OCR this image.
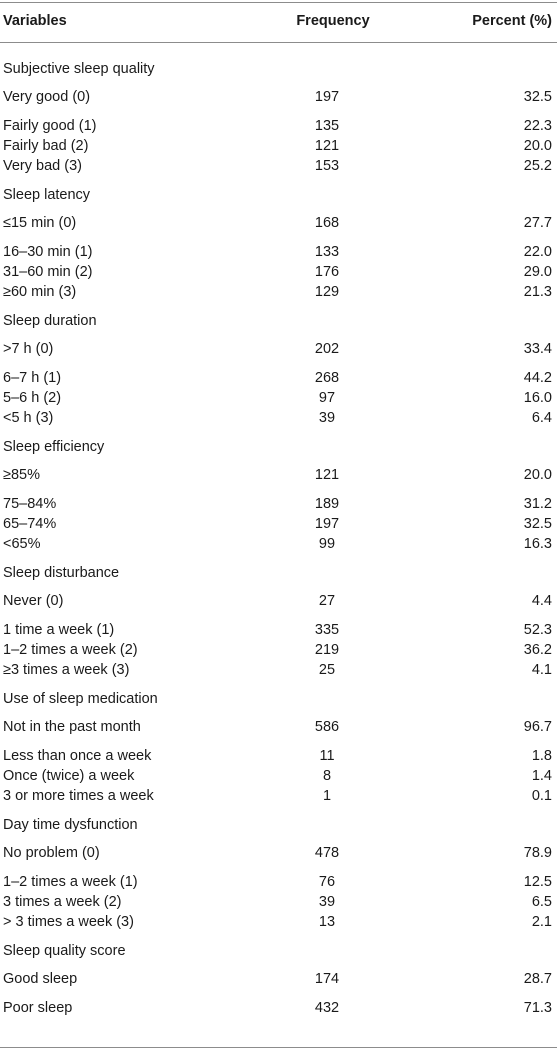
Variables	Frequency	Percent (%)
Subjective sleep quality
Very good (0)	197	32.5
Fairly good (1)	135	22.3
Fairly bad (2)	121	20.0
Very bad (3)	153	25.2
Sleep latency
≤15 min (0)	168	27.7
16–30 min (1)	133	22.0
31–60 min (2)	176	29.0
≥60 min (3)	129	21.3
Sleep duration
>7 h (0)	202	33.4
6–7 h (1)	268	44.2
5–6 h (2)	97	16.0
<5 h (3)	39	6.4
Sleep efficiency
≥85%	121	20.0
75–84%	189	31.2
65–74%	197	32.5
<65%	99	16.3
Sleep disturbance
Never (0)	27	4.4
1 time a week (1)	335	52.3
1–2 times a week (2)	219	36.2
≥3 times a week (3)	25	4.1
Use of sleep medication
Not in the past month	586	96.7
Less than once a week	11	1.8
Once (twice) a week	8	1.4
3 or more times a week	1	0.1
Day time dysfunction
No problem (0)	478	78.9
1–2 times a week (1)	76	12.5
3 times a week (2)	39	6.5
> 3 times a week (3)	13	2.1
Sleep quality score
Good sleep	174	28.7
Poor sleep	432	71.3
